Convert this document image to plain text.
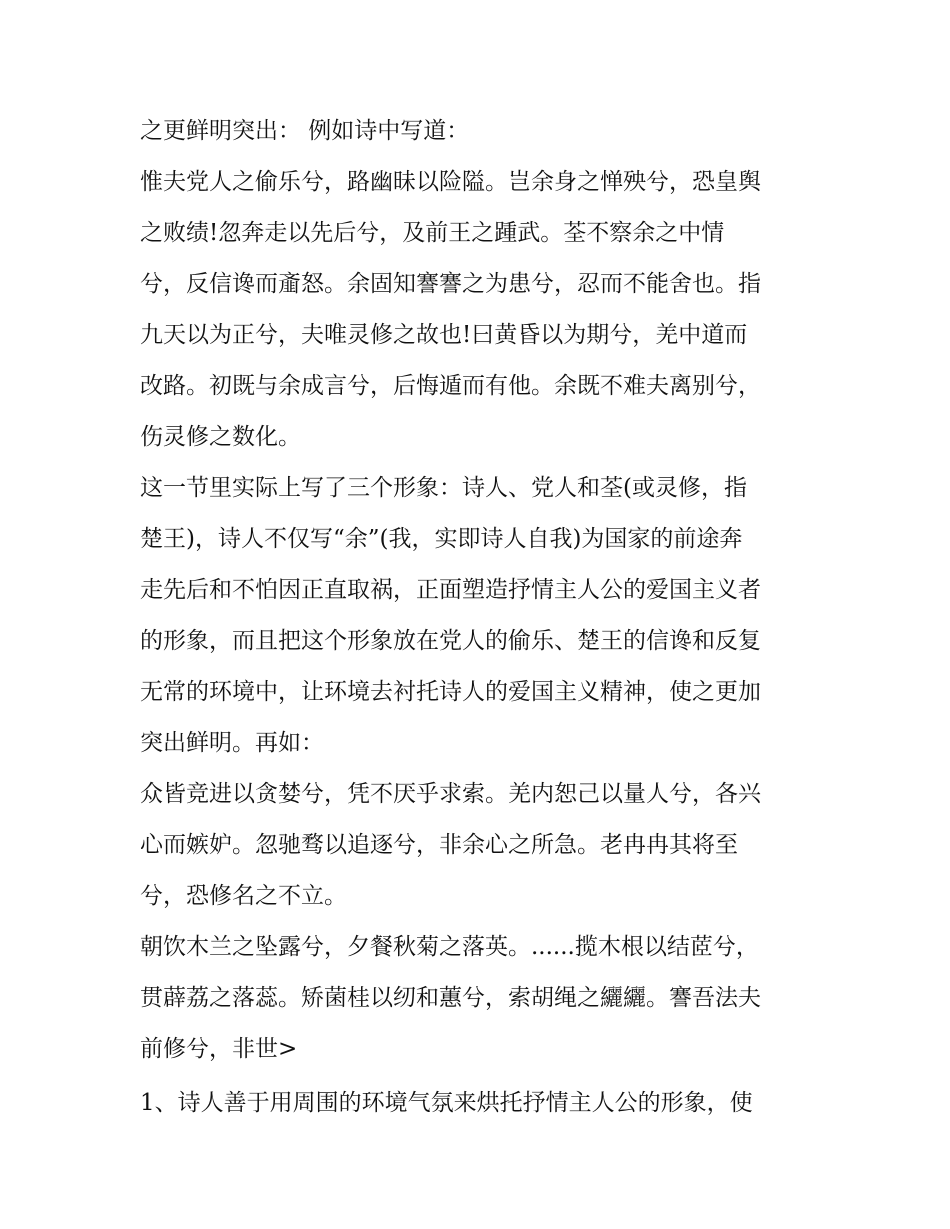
之更鲜明突出： 例如诗中写道：
惟夫党人之偷乐兮，路幽昧以险隘。岂余身之惮殃兮，恐皇舆
之败绩!忽奔走以先后兮，及前王之踵武。荃不察余之中情
兮，反信谗而齑怒。余固知謇謇之为患兮，忍而不能舍也。指
九天以为正兮，夫唯灵修之故也!曰黄昏以为期兮，羌中道而
改路。初既与余成言兮，后悔遁而有他。余既不难夫离别兮，
伤灵修之数化。
这一节里实际上写了三个形象：诗人、党人和荃(或灵修，指
楚王)，诗人不仅写“余”(我，实即诗人自我)为国家的前途奔
走先后和不怕因正直取祸，正面塑造抒情主人公的爱国主义者
的形象，而且把这个形象放在党人的偷乐、楚王的信谗和反复
无常的环境中，让环境去衬托诗人的爱国主义精神，使之更加
突出鲜明。再如：
众皆竞进以贪婪兮，凭不厌乎求索。羌内恕己以量人兮，各兴
心而嫉妒。忽驰骛以追逐兮，非余心之所急。老冉冉其将至
兮，恐修名之不立。
朝饮木兰之坠露兮，夕餐秋菊之落英。......揽木根以结茝兮，
贯薜荔之落蕊。矫菌桂以纫和蕙兮，索胡绳之纚纚。謇吾法夫
前修兮，非世>
1、诗人善于用周围的环境气氛来烘托抒情主人公的形象，使
